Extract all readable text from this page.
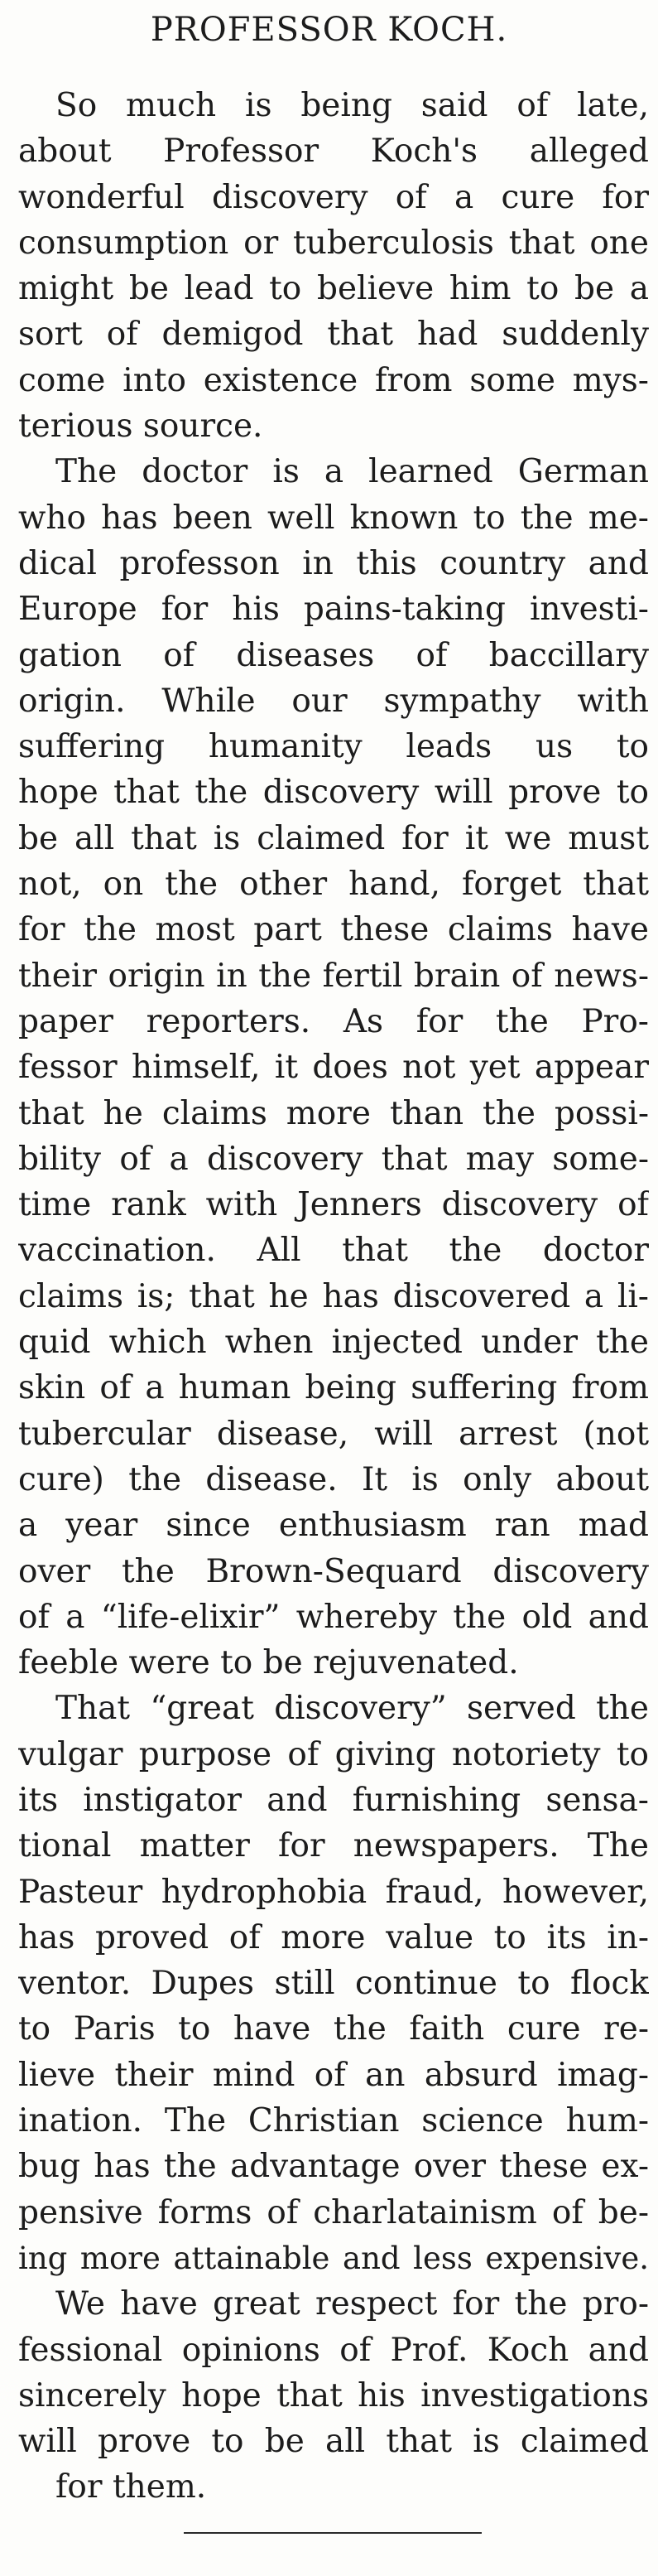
PROFESSOR KOCH.
So much is being said of late,
about Professor Koch's alleged
wonderful discovery of a cure for
consumption or tuberculosis that one
might be lead to believe him to be a
sort of demigod that had suddenly
come into existence from some mys-
terious source.
The doctor is a learned German
who has been well known to the me-
dical professon in this country and
Europe for his pains-taking investi-
gation of diseases of baccillary
origin. While our sympathy with
suffering humanity leads us to
hope that the discovery will prove to
be all that is claimed for it we must
not, on the other hand, forget that
for the most part these claims have
their origin in the fertil brain of news-
paper reporters. As for the Pro-
fessor himself, it does not yet appear
that he claims more than the possi-
bility of a discovery that may some-
time rank with Jenners discovery of
vaccination. All that the doctor
claims is; that he has discovered a li-
quid which when injected under the
skin of a human being suffering from
tubercular disease, will arrest (not
cure) the disease. It is only about
a year since enthusiasm ran mad
over the Brown-Sequard discovery
of a “life-elixir” whereby the old and
feeble were to be rejuvenated.
That “great discovery” served the
vulgar purpose of giving notoriety to
its instigator and furnishing sensa-
tional matter for newspapers. The
Pasteur hydrophobia fraud, however,
has proved of more value to its in-
ventor. Dupes still continue to flock
to Paris to have the faith cure re-
lieve their mind of an absurd imag-
ination. The Christian science hum-
bug has the advantage over these ex-
pensive forms of charlatainism of be-
ing more attainable and less expensive.
We have great respect for the pro-
fessional opinions of Prof. Koch and
sincerely hope that his investigations
will prove to be all that is claimed
for them.
